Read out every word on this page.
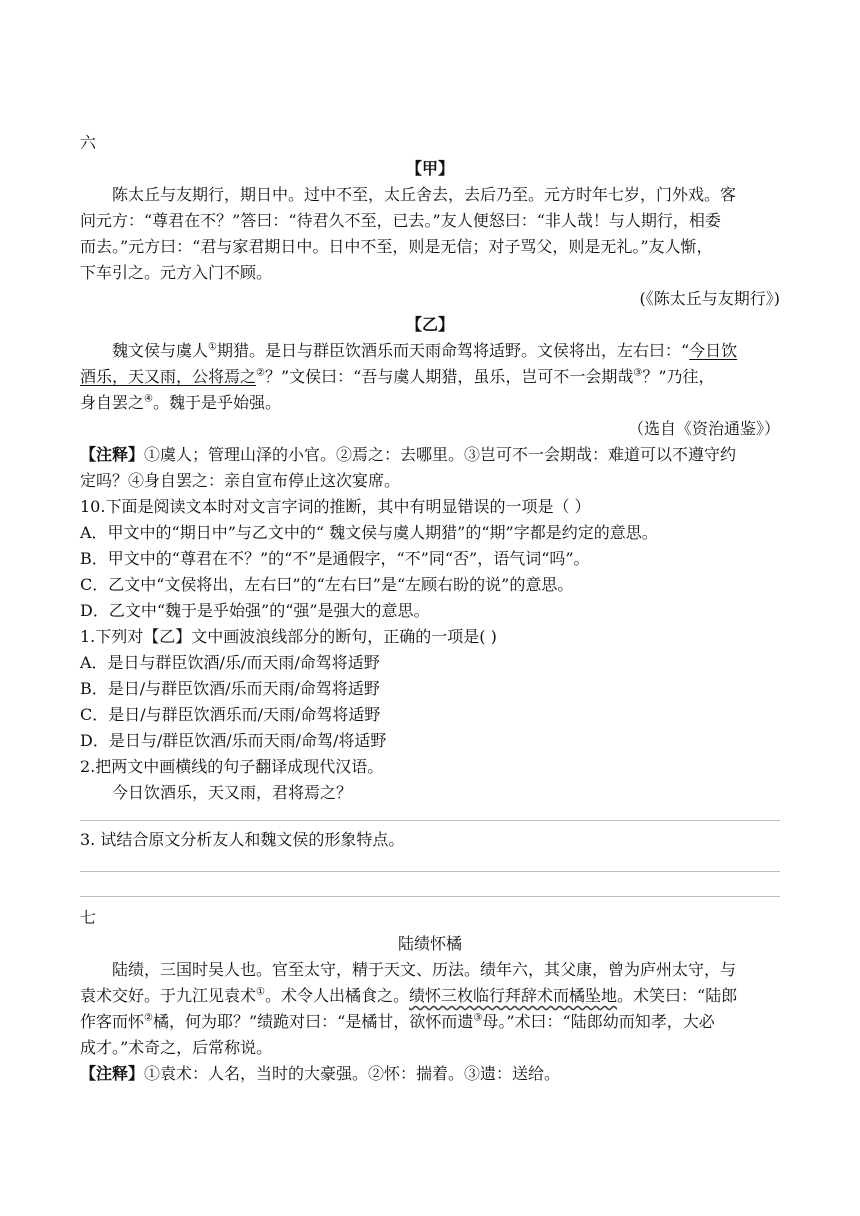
六
【甲】
陈太丘与友期行，期日中。过中不至，太丘舍去，去后乃至。元方时年七岁，门外戏。客
问元方：“尊君在不？”答曰：“待君久不至，已去。”友人便怒曰：“非人哉！与人期行，相委
而去。”元方曰：“君与家君期日中。日中不至，则是无信；对子骂父，则是无礼。”友人惭，
下车引之。元方入门不顾。
(《陈太丘与友期行》)
【乙】
魏文侯与虞人①期猎。是日与群臣饮酒乐而天雨命驾将适野。文侯将出，左右曰：“今日饮
酒乐，天又雨，公将焉之②？”文侯曰：“吾与虞人期猎，虽乐，岂可不一会期哉③？”乃往，
身自罢之④。魏于是乎始强。
（选自《资治通鉴》）
【注释】①虞人；管理山泽的小官。②焉之：去哪里。③岂可不一会期哉：难道可以不遵守约
定吗？④身自罢之：亲自宣布停止这次宴席。
10.下面是阅读文本时对文言字词的推断，其中有明显错误的一项是（ ）
A．甲文中的“期日中”与乙文中的“ 魏文侯与虞人期猎”的“期”字都是约定的意思。
B．甲文中的“尊君在不？”的“不”是通假字，“不”同“否”，语气词“吗”。
C．乙文中“文侯将出，左右曰”的“左右曰”是“左顾右盼的说”的意思。
D．乙文中“魏于是乎始强”的“强”是强大的意思。
1.下列对【乙】文中画波浪线部分的断句，正确的一项是( )
A．是日与群臣饮酒/乐/而天雨/命驾将适野
B．是日/与群臣饮酒/乐而天雨/命驾将适野
C．是日/与群臣饮酒乐而/天雨/命驾将适野
D．是日与/群臣饮酒/乐而天雨/命驾/将适野
2.把两文中画横线的句子翻译成现代汉语。
今日饮酒乐，天又雨，君将焉之？
3. 试结合原文分析友人和魏文侯的形象特点。
七
陆绩怀橘
陆绩，三国时吴人也。官至太守，精于天文、历法。绩年六，其父康，曾为庐州太守，与
袁术交好。于九江见袁术①。术令人出橘食之。绩怀三枚临行拜辞术而橘坠地。术笑曰：“陆郎
作客而怀②橘，何为耶？”绩跪对曰：“是橘甘，欲怀而遗③母。”术曰：“陆郎幼而知孝，大必
成才。”术奇之，后常称说。
【注释】①袁术：人名，当时的大豪强。②怀：揣着。③遗：送给。
